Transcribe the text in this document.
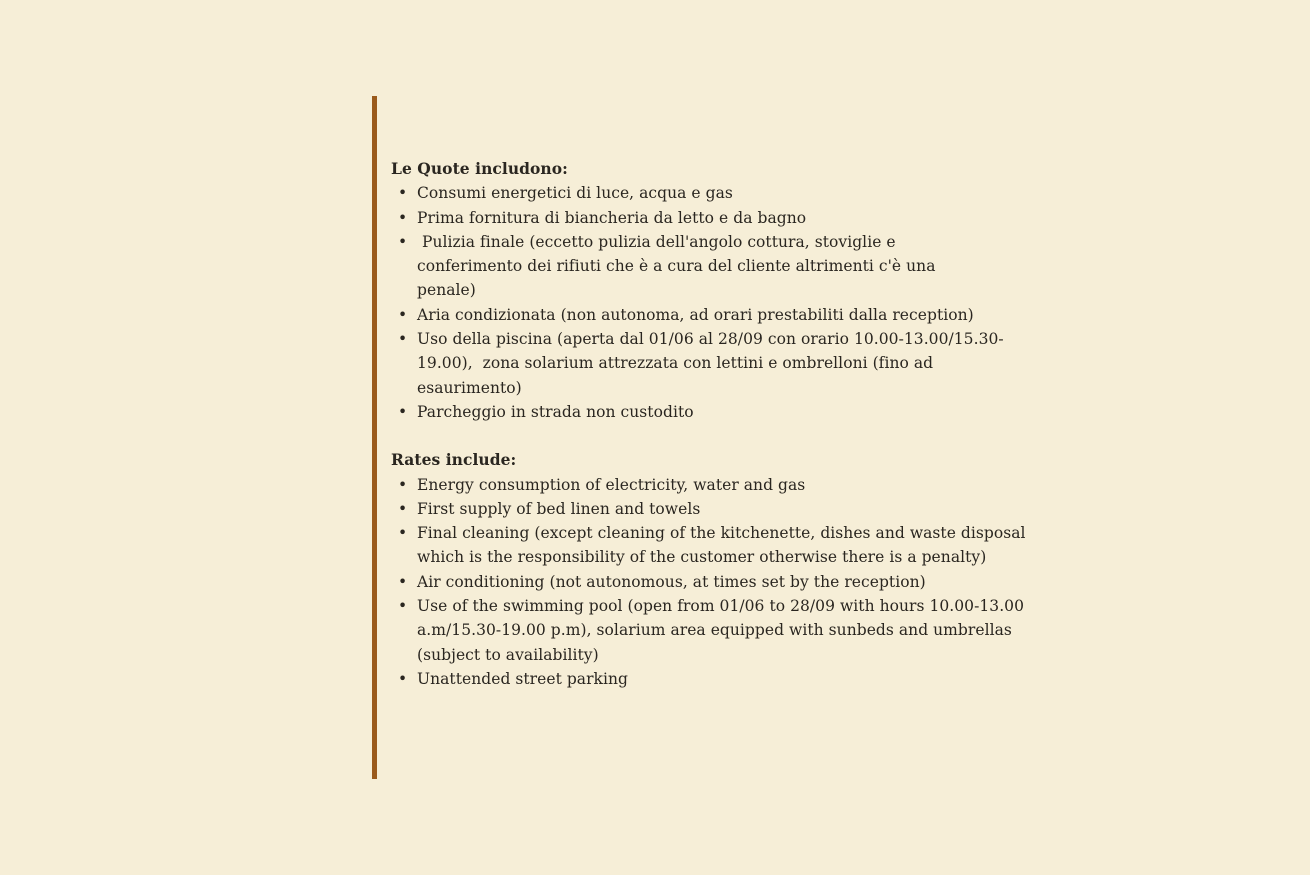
Le Quote includono:

• Consumi energetici di luce, acqua e gas
• Prima fornitura di biancheria da letto e da bagno
• Pulizia finale (eccetto pulizia dell'angolo cottura, stoviglie e conferimento dei rifiuti che è a cura del cliente altrimenti c'è una penale)
• Aria condizionata (non autonoma, ad orari prestabiliti dalla reception)
• Uso della piscina (aperta dal 01/06 al 28/09 con orario 10.00-13.00/15.30-19.00),  zona solarium attrezzata con lettini e ombrelloni (fino ad esaurimento)
• Parcheggio in strada non custodito

Rates include:

• Energy consumption of electricity, water and gas
• First supply of bed linen and towels
• Final cleaning (except cleaning of the kitchenette, dishes and waste disposal which is the responsibility of the customer otherwise there is a penalty)
• Air conditioning (not autonomous, at times set by the reception)
• Use of the swimming pool (open from 01/06 to 28/09 with hours 10.00-13.00 a.m/15.30-19.00 p.m), solarium area equipped with sunbeds and umbrellas (subject to availability)
• Unattended street parking
